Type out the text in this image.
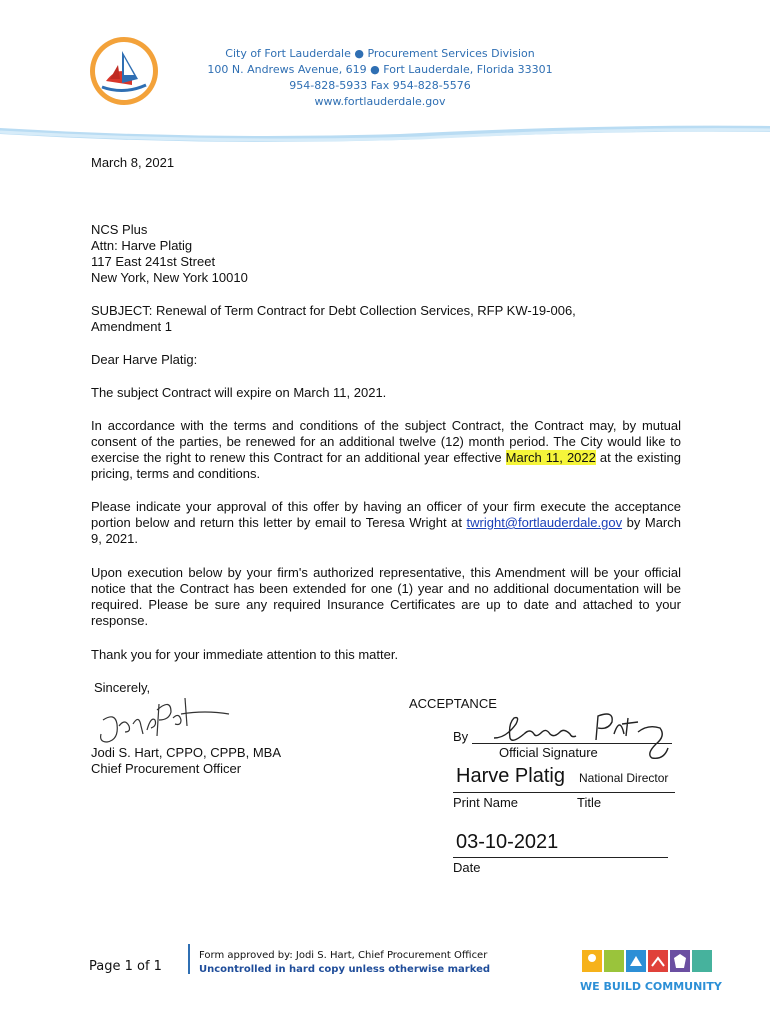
City of Fort Lauderdale ● Procurement Services Division
100 N. Andrews Avenue, 619 ● Fort Lauderdale, Florida 33301
954-828-5933 Fax 954-828-5576
www.fortlauderdale.gov
March 8, 2021
NCS Plus
Attn: Harve Platig
117 East 241st Street
New York, New York 10010
SUBJECT: Renewal of Term Contract for Debt Collection Services, RFP KW-19-006,
Amendment 1
Dear Harve Platig:
The subject Contract will expire on March 11, 2021.
In accordance with the terms and conditions of the subject Contract, the Contract may, by mutual consent of the parties, be renewed for an additional twelve (12) month period. The City would like to exercise the right to renew this Contract for an additional year effective March 11, 2022 at the existing pricing, terms and conditions.
Please indicate your approval of this offer by having an officer of your firm execute the acceptance portion below and return this letter by email to Teresa Wright at twright@fortlauderdale.gov by March 9, 2021.
Upon execution below by your firm's authorized representative, this Amendment will be your official notice that the Contract has been extended for one (1) year and no additional documentation will be required. Please be sure any required Insurance Certificates are up to date and attached to your response.
Thank you for your immediate attention to this matter.
Sincerely,
Jodi S. Hart, CPPO, CPPB, MBA
Chief Procurement Officer
ACCEPTANCE
By
Official Signature
Harve Platig National Director
Print Name	Title
03-10-2021
Date
Page 1 of 1
Form approved by: Jodi S. Hart, Chief Procurement Officer
Uncontrolled in hard copy unless otherwise marked
WE BUILD COMMUNITY
